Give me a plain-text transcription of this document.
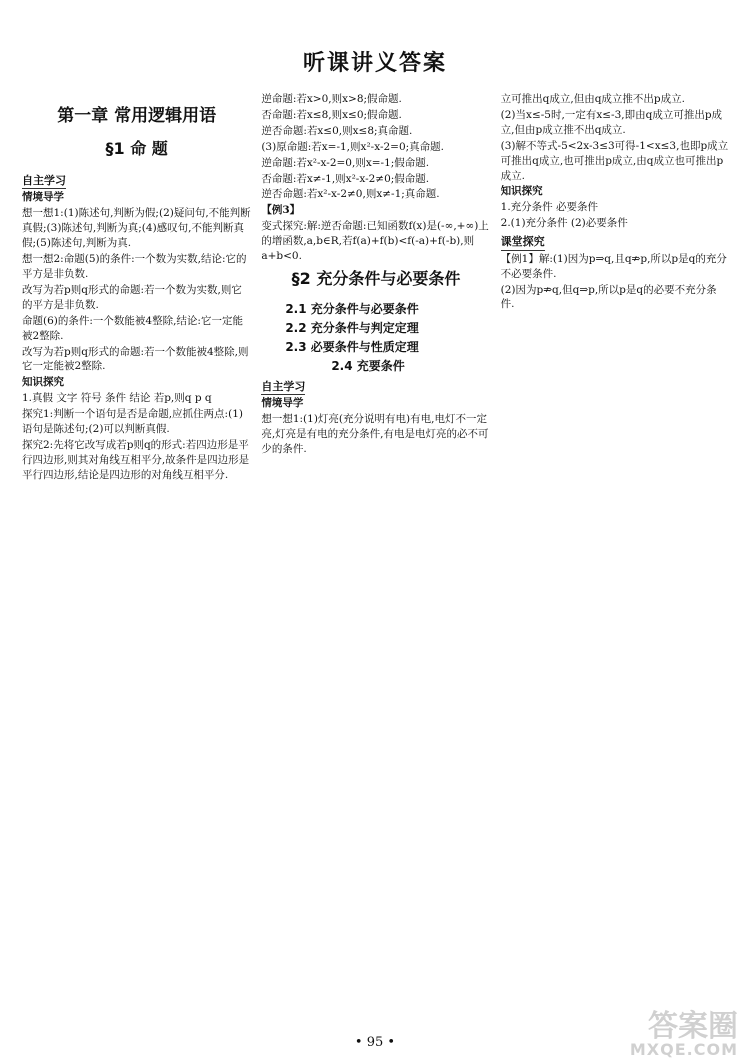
听课讲义答案

第一章 常用逻辑用语

§1 命 题

自主学习

情境导学

想一想1:(1)陈述句,判断为假;(2)疑问句,不能判断真假;(3)陈述句,判断为真;(4)感叹句,不能判断真假;(5)陈述句,判断为真.

想一想2:命题(5)的条件:一个数为实数,结论:它的平方是非负数.

改写为若p则q形式的命题:若一个数为实数,则它的平方是非负数.

命题(6)的条件:一个数能被4整除,结论:它一定能被2整除.

改写为若p则q形式的命题:若一个数能被4整除,则它一定能被2整除.

知识探究

1.真假 文字 符号 条件 结论 若p,则q p q

探究1:判断一个语句是否是命题,应抓住两点:(1)语句是陈述句;(2)可以判断真假.

探究2:先将它改写成若p则q的形式:若四边形是平行四边形,则其对角线互相平分,故条件是四边形是平行四边形,结论是四边形的对角线互相平分.

逆命题:若x>0,则x>8;假命题.

否命题:若x≤8,则x≤0;假命题.

逆否命题:若x≤0,则x≤8;真命题.

(3)原命题:若x=-1,则x²-x-2=0;真命题.

逆命题:若x²-x-2=0,则x=-1;假命题.

否命题:若x≠-1,则x²-x-2≠0;假命题.

逆否命题:若x²-x-2≠0,则x≠-1;真命题.

【例3】

变式探究:解:逆否命题:已知函数f(x)是(-∞,+∞)上的增函数,a,b∈R,若f(a)+f(b)<f(-a)+f(-b),则a+b<0.

§2 充分条件与必要条件

2.1 充分条件与必要条件

2.2 充分条件与判定定理

2.3 必要条件与性质定理

2.4 充要条件

自主学习

情境导学

想一想1:(1)灯亮(充分说明有电)有电,电灯不一定亮,灯亮是有电的充分条件,有电是电灯亮的必不可少的条件.

立可推出q成立,但由q成立推不出p成立.

(2)当x≤-5时,一定有x≤-3,即由q成立可推出p成立,但由p成立推不出q成立.

(3)解不等式-5<2x-3≤3可得-1<x≤3,也即p成立可推出q成立,也可推出p成立,由q成立也可推出p成立.

知识探究

1.充分条件 必要条件

2.(1)充分条件 (2)必要条件

课堂探究

【例1】解:(1)因为p⇒q,且q⇏p,所以p是q的充分不必要条件.

(2)因为p⇏q,但q⇒p,所以p是q的必要不充分条件.

• 95 •	答案圈
MXQE.COM
